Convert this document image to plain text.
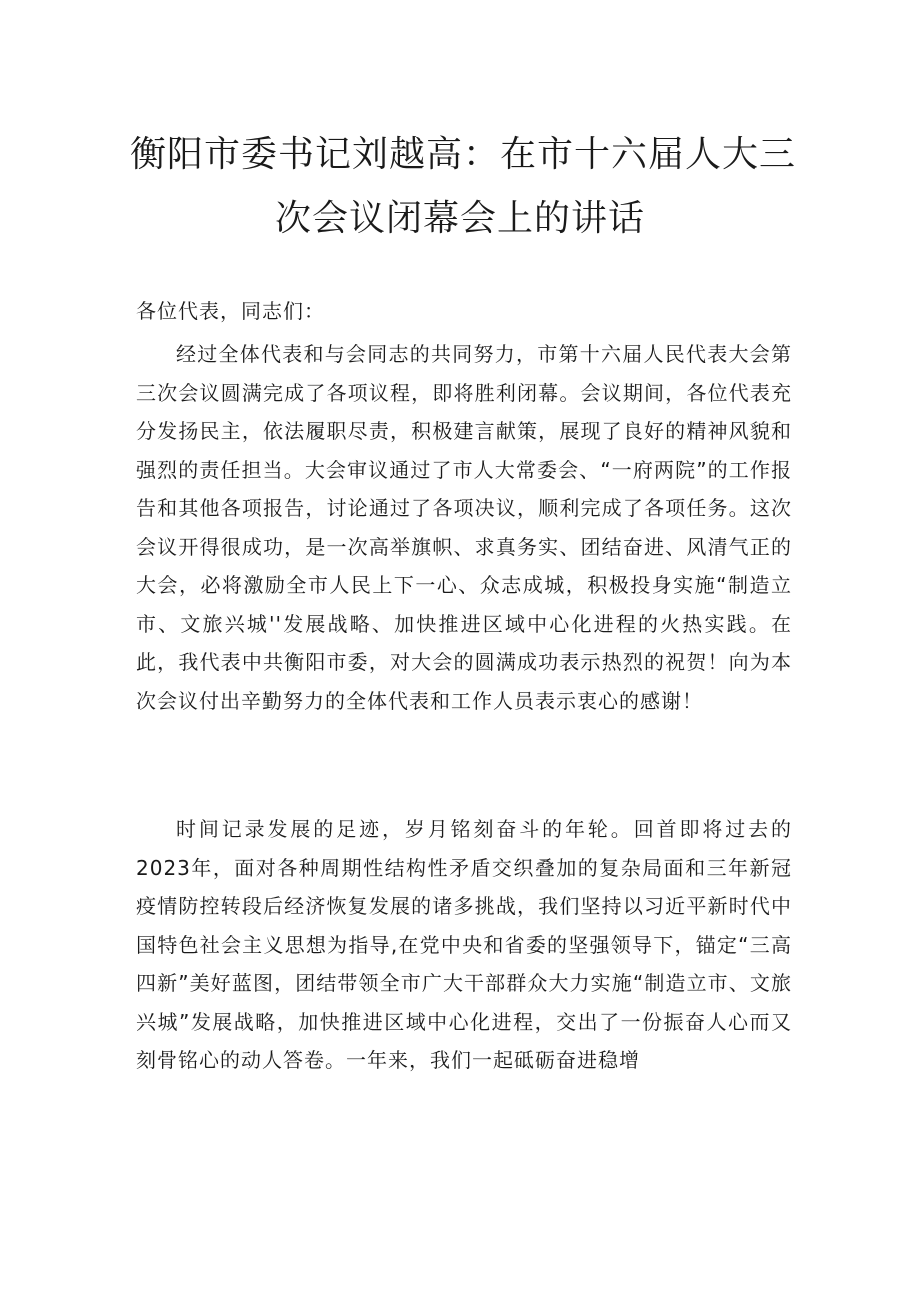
衡阳市委书记刘越高：在市十六届人大三
次会议闭幕会上的讲话

各位代表，同志们：

经过全体代表和与会同志的共同努力，市第十六届人民代表大会第三次会议圆满完成了各项议程，即将胜利闭幕。会议期间，各位代表充分发扬民主，依法履职尽责，积极建言献策，展现了良好的精神风貌和强烈的责任担当。大会审议通过了市人大常委会、“一府两院”的工作报告和其他各项报告，讨论通过了各项决议，顺利完成了各项任务。这次会议开得很成功，是一次高举旗帜、求真务实、团结奋进、风清气正的大会，必将激励全市人民上下一心、众志成城，积极投身实施“制造立市、文旅兴城''发展战略、加快推进区域中心化进程的火热实践。在此，我代表中共衡阳市委，对大会的圆满成功表示热烈的祝贺！向为本次会议付出辛勤努力的全体代表和工作人员表示衷心的感谢！

时间记录发展的足迹，岁月铭刻奋斗的年轮。回首即将过去的2023年，面对各种周期性结构性矛盾交织叠加的复杂局面和三年新冠疫情防控转段后经济恢复发展的诸多挑战，我们坚持以习近平新时代中国特色社会主义思想为指导,在党中央和省委的坚强领导下，锚定“三高四新”美好蓝图，团结带领全市广大干部群众大力实施“制造立市、文旅兴城”发展战略，加快推进区域中心化进程，交出了一份振奋人心而又刻骨铭心的动人答卷。一年来，我们一起砥砺奋进稳增
